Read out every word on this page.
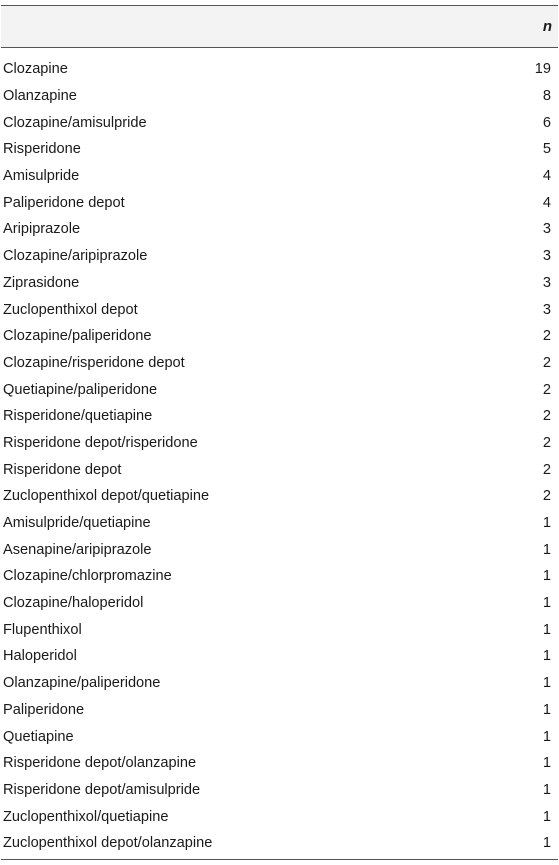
n
Clozapine	19
Olanzapine	8
Clozapine/amisulpride	6
Risperidone	5
Amisulpride	4
Paliperidone depot	4
Aripiprazole	3
Clozapine/aripiprazole	3
Ziprasidone	3
Zuclopenthixol depot	3
Clozapine/paliperidone	2
Clozapine/risperidone depot	2
Quetiapine/paliperidone	2
Risperidone/quetiapine	2
Risperidone depot/risperidone	2
Risperidone depot	2
Zuclopenthixol depot/quetiapine	2
Amisulpride/quetiapine	1
Asenapine/aripiprazole	1
Clozapine/chlorpromazine	1
Clozapine/haloperidol	1
Flupenthixol	1
Haloperidol	1
Olanzapine/paliperidone	1
Paliperidone	1
Quetiapine	1
Risperidone depot/olanzapine	1
Risperidone depot/amisulpride	1
Zuclopenthixol/quetiapine	1
Zuclopenthixol depot/olanzapine	1
